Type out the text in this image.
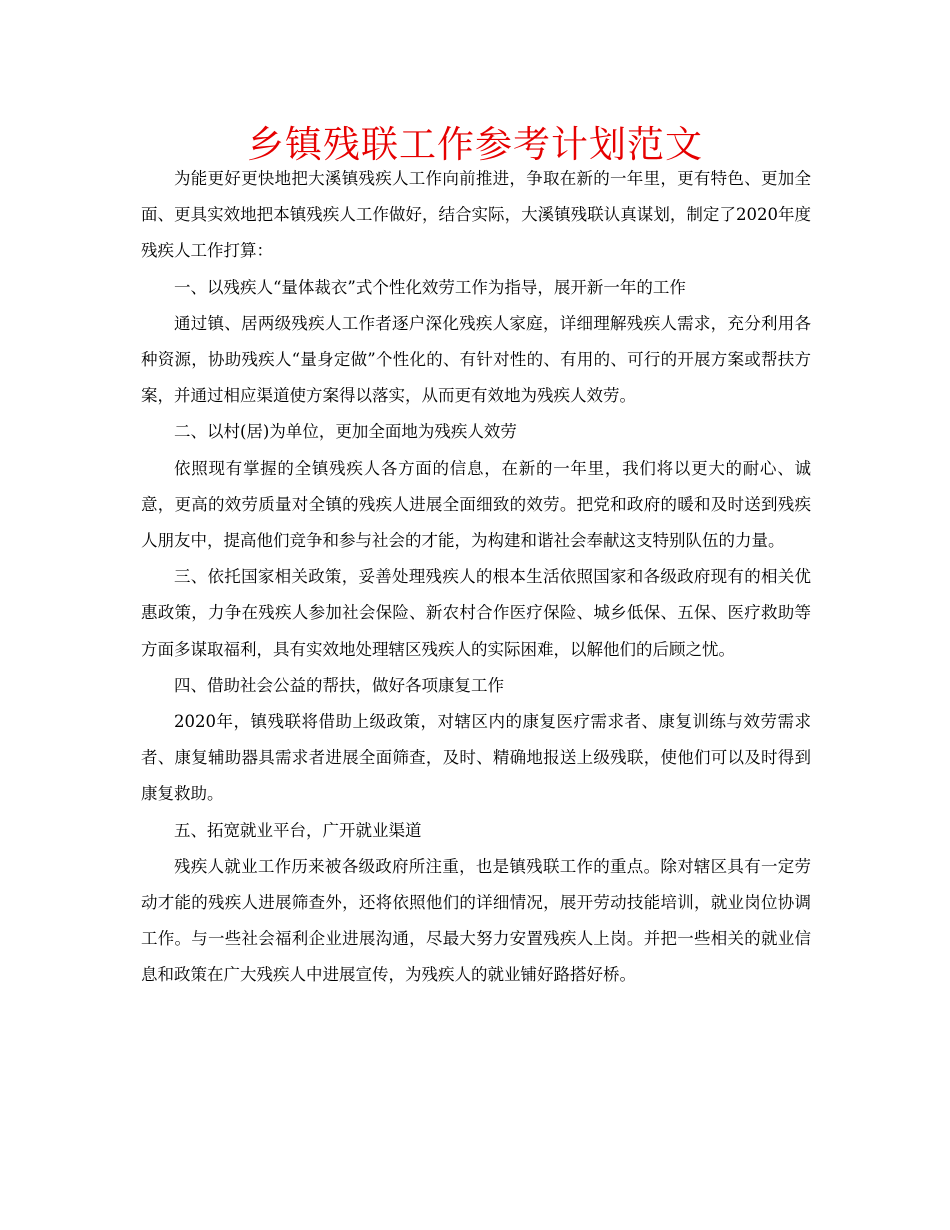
乡镇残联工作参考计划范文

为能更好更快地把大溪镇残疾人工作向前推进，争取在新的一年里，更有特色、更加全面、更具实效地把本镇残疾人工作做好，结合实际，大溪镇残联认真谋划，制定了2020年度残疾人工作打算：

一、以残疾人“量体裁衣”式个性化效劳工作为指导，展开新一年的工作

通过镇、居两级残疾人工作者逐户深化残疾人家庭，详细理解残疾人需求，充分利用各种资源，协助残疾人“量身定做”个性化的、有针对性的、有用的、可行的开展方案或帮扶方案，并通过相应渠道使方案得以落实，从而更有效地为残疾人效劳。

二、以村(居)为单位，更加全面地为残疾人效劳

依照现有掌握的全镇残疾人各方面的信息，在新的一年里，我们将以更大的耐心、诚意，更高的效劳质量对全镇的残疾人进展全面细致的效劳。把党和政府的暖和及时送到残疾人朋友中，提高他们竞争和参与社会的才能，为构建和谐社会奉献这支特别队伍的力量。

三、依托国家相关政策，妥善处理残疾人的根本生活依照国家和各级政府现有的相关优惠政策，力争在残疾人参加社会保险、新农村合作医疗保险、城乡低保、五保、医疗救助等方面多谋取福利，具有实效地处理辖区残疾人的实际困难，以解他们的后顾之忧。

四、借助社会公益的帮扶，做好各项康复工作

2020年，镇残联将借助上级政策，对辖区内的康复医疗需求者、康复训练与效劳需求者、康复辅助器具需求者进展全面筛查，及时、精确地报送上级残联，使他们可以及时得到康复救助。

五、拓宽就业平台，广开就业渠道

残疾人就业工作历来被各级政府所注重，也是镇残联工作的重点。除对辖区具有一定劳动才能的残疾人进展筛查外，还将依照他们的详细情况，展开劳动技能培训，就业岗位协调工作。与一些社会福利企业进展沟通，尽最大努力安置残疾人上岗。并把一些相关的就业信息和政策在广大残疾人中进展宣传，为残疾人的就业铺好路搭好桥。
